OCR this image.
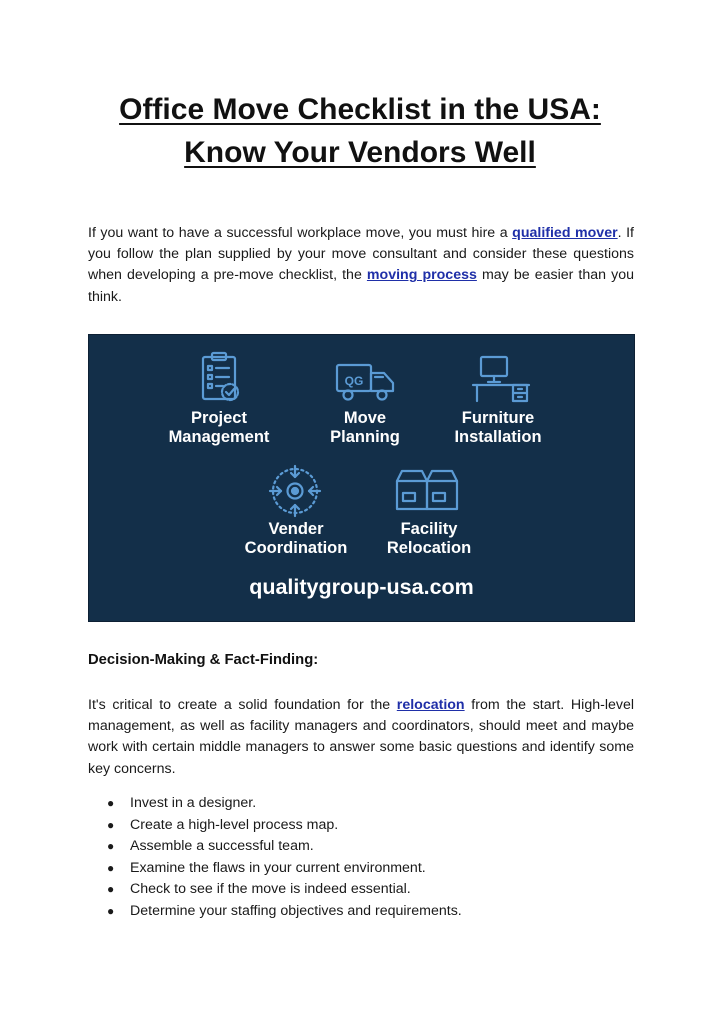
Office Move Checklist in the USA:
Know Your Vendors Well

If you want to have a successful workplace move, you must hire a qualified mover. If you follow the plan supplied by your move consultant and consider these questions when developing a pre-move checklist, the moving process may be easier than you think.

QG
Project
Management
Move
Planning
Furniture
Installation
Vender
Coordination
Facility
Relocation
qualitygroup-usa.com
Decision-Making & Fact-Finding:

It's critical to create a solid foundation for the relocation from the start. High-level management, as well as facility managers and coordinators, should meet and maybe work with certain middle managers to answer some basic questions and identify some key concerns.

● Invest in a designer.
● Create a high-level process map.
● Assemble a successful team.
● Examine the flaws in your current environment.
● Check to see if the move is indeed essential.
● Determine your staffing objectives and requirements.
